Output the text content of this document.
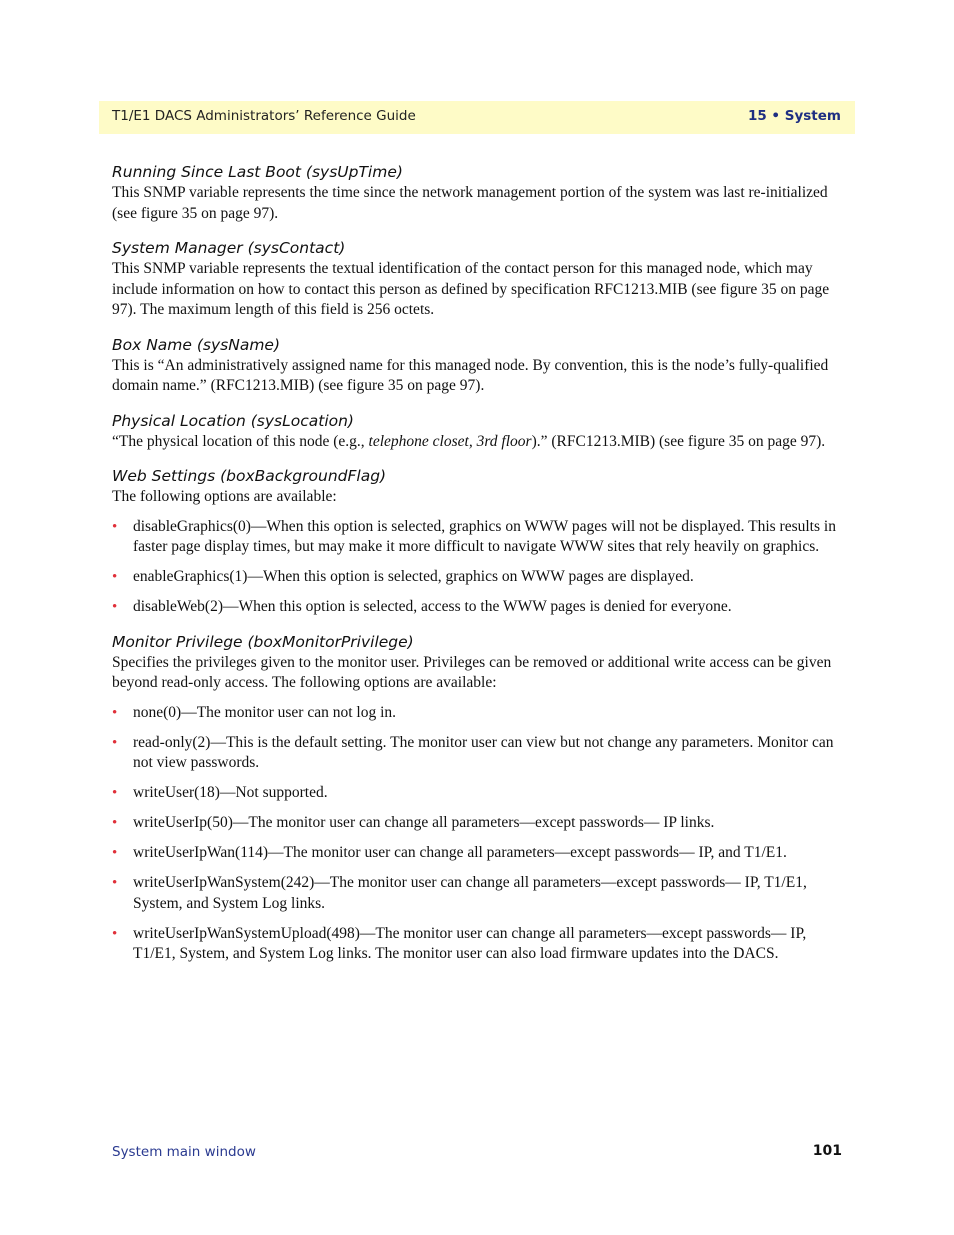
T1/E1 DACS Administrators’ Reference Guide	15 • System
Running Since Last Boot (sysUpTime)
This SNMP variable represents the time since the network management portion of the system was last re-initialized (see figure 35 on page 97).
System Manager (sysContact)
This SNMP variable represents the textual identification of the contact person for this managed node, which may include information on how to contact this person as defined by specification RFC1213.MIB (see figure 35 on page 97). The maximum length of this field is 256 octets.
Box Name (sysName)
This is “An administratively assigned name for this managed node. By convention, this is the node’s fully-qualified domain name.” (RFC1213.MIB) (see figure 35 on page 97).
Physical Location (sysLocation)
“The physical location of this node (e.g., telephone closet, 3rd floor).” (RFC1213.MIB) (see figure 35 on page 97).
Web Settings (boxBackgroundFlag)
The following options are available:
• disableGraphics(0)—When this option is selected, graphics on WWW pages will not be displayed. This results in faster page display times, but may make it more difficult to navigate WWW sites that rely heavily on graphics.
• enableGraphics(1)—When this option is selected, graphics on WWW pages are displayed.
• disableWeb(2)—When this option is selected, access to the WWW pages is denied for everyone.
Monitor Privilege (boxMonitorPrivilege)
Specifies the privileges given to the monitor user. Privileges can be removed or additional write access can be given beyond read-only access. The following options are available:
• none(0)—The monitor user can not log in.
• read-only(2)—This is the default setting. The monitor user can view but not change any parameters. Monitor can not view passwords.
• writeUser(18)—Not supported.
• writeUserIp(50)—The monitor user can change all parameters—except passwords— IP links.
• writeUserIpWan(114)—The monitor user can change all parameters—except passwords— IP, and T1/E1.
• writeUserIpWanSystem(242)—The monitor user can change all parameters—except passwords— IP, T1/E1, System, and System Log links.
• writeUserIpWanSystemUpload(498)—The monitor user can change all parameters—except passwords— IP, T1/E1, System, and System Log links. The monitor user can also load firmware updates into the DACS.
System main window	101
